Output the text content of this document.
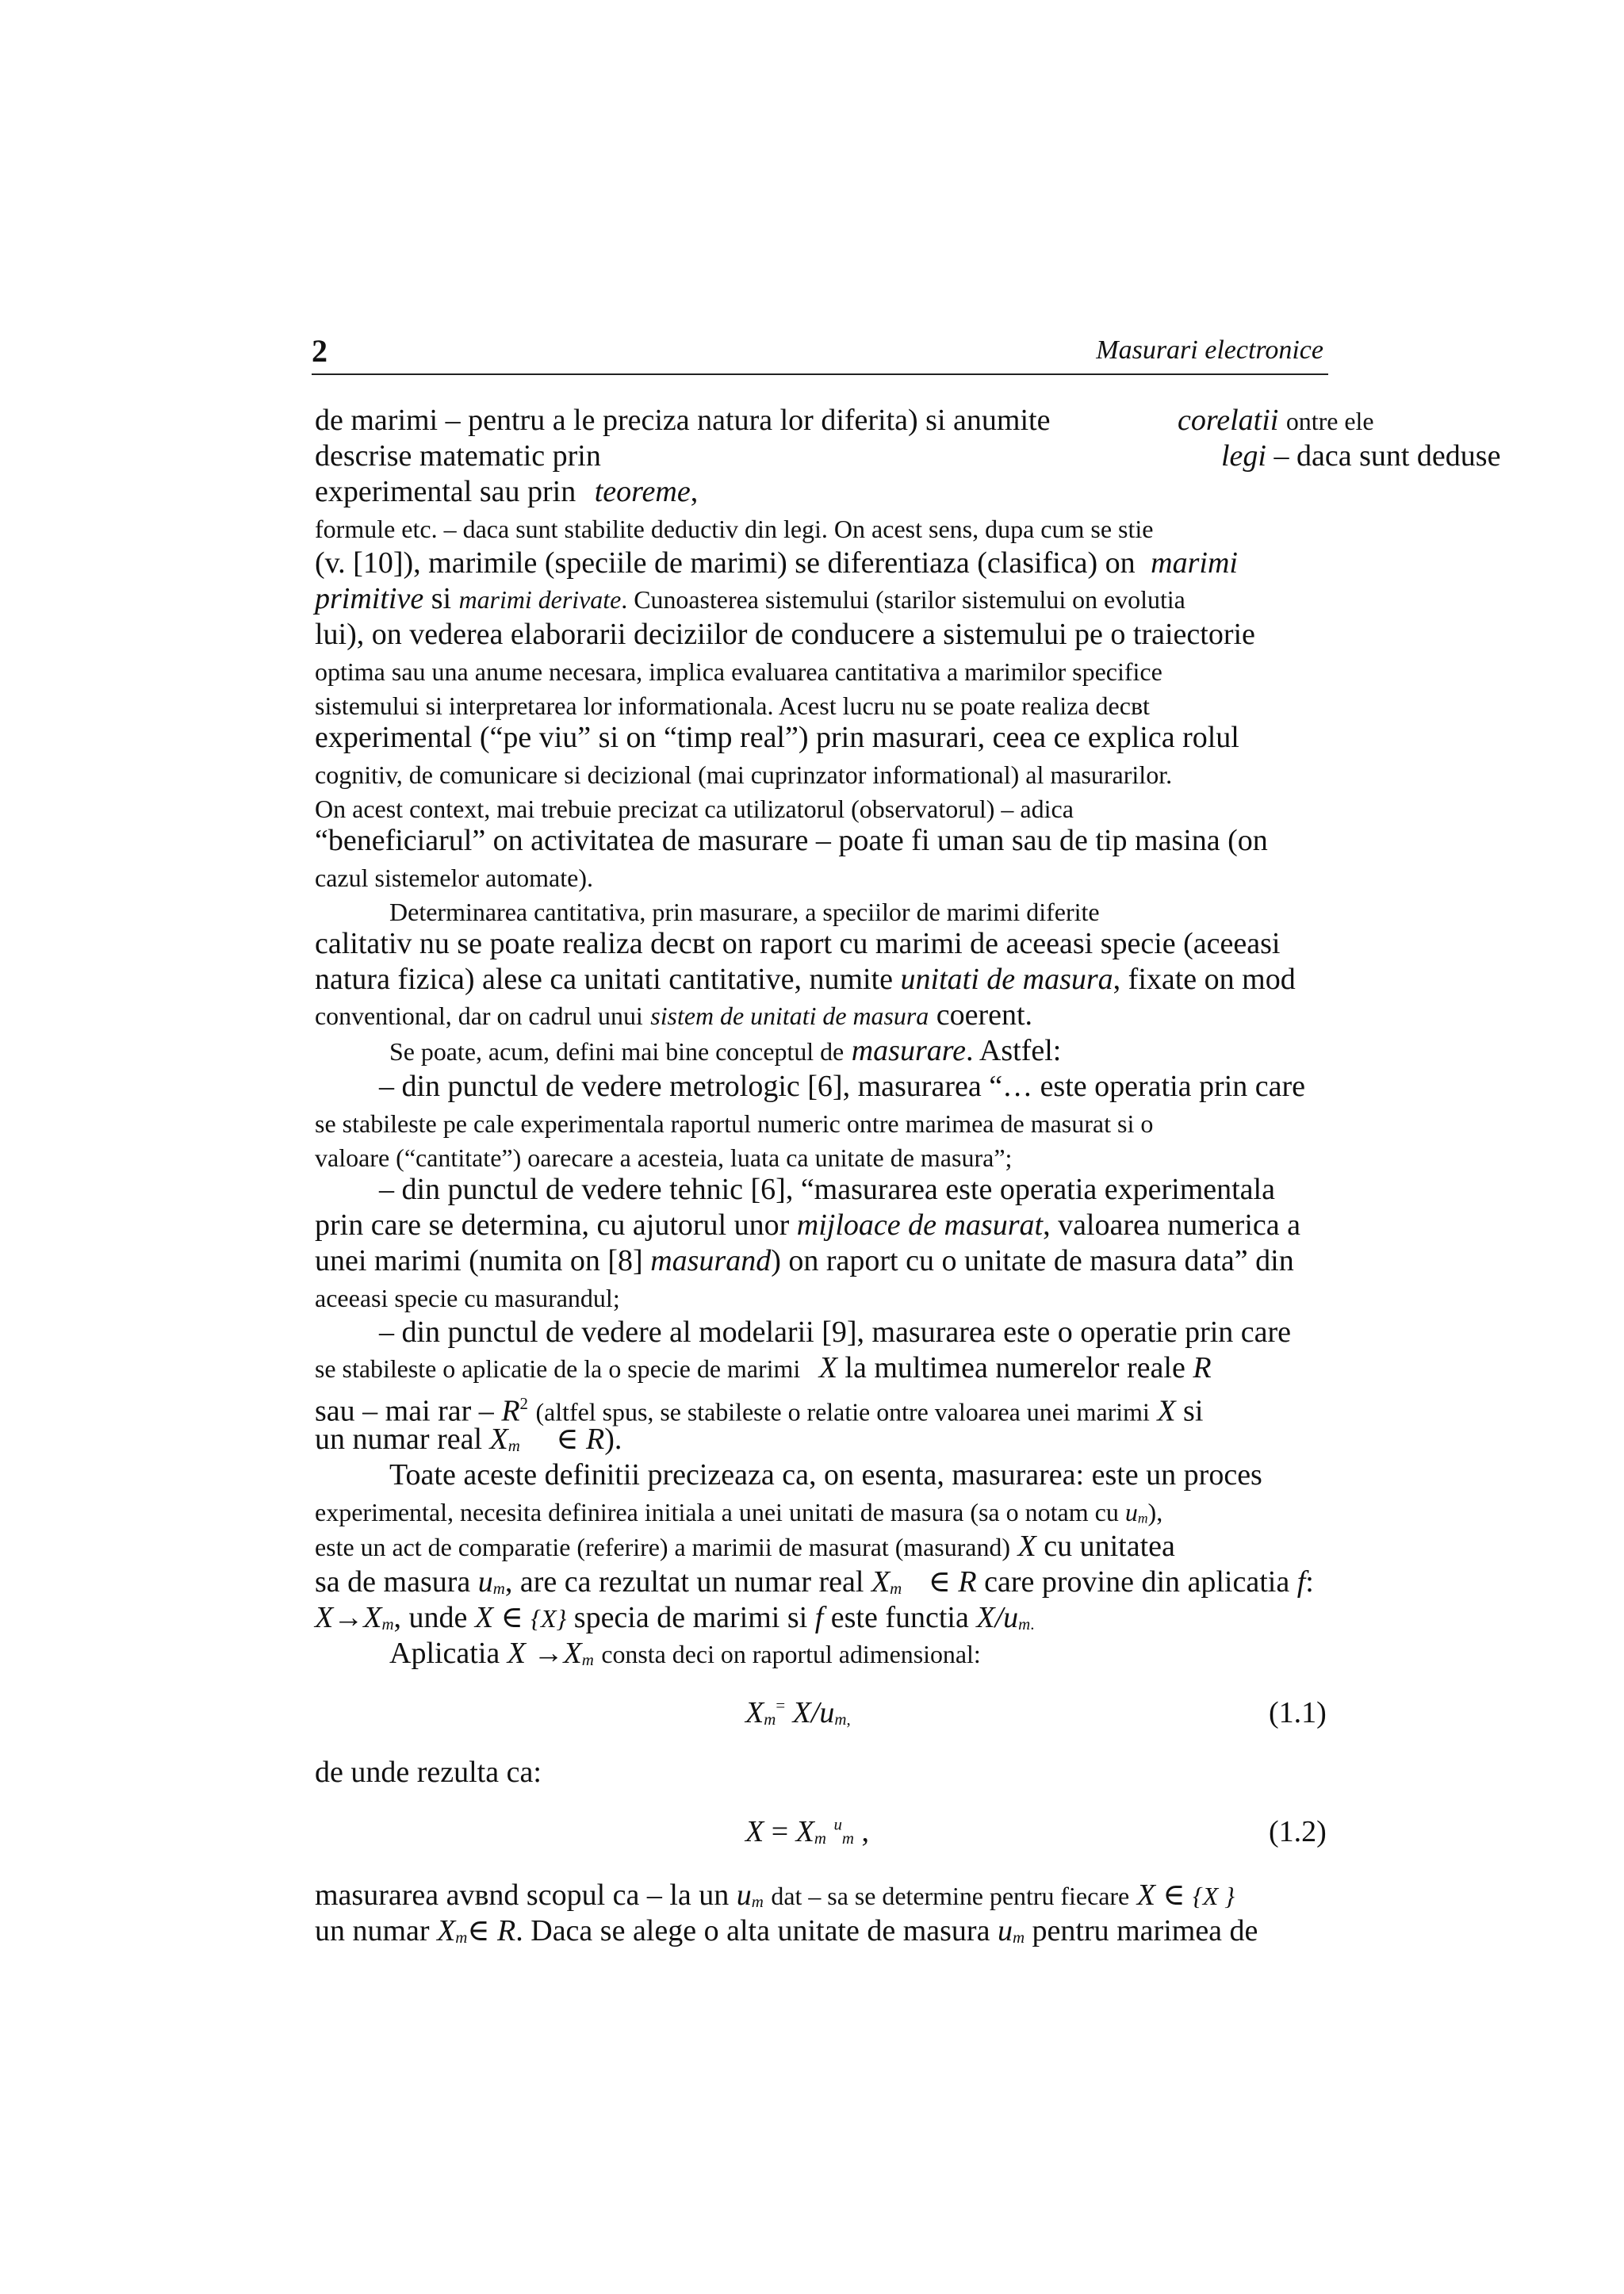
2	Masurari electronice
de marimi – pentru a le preciza natura lor diferita) si anumite	corelatii ontre ele
descrise matematic prin	legi – daca sunt deduse
experimental sau prin teoreme,
formule etc. – daca sunt stabilite deductiv din legi. On acest sens, dupa cum se stie
(v. [10]), marimile (speciile de marimi) se diferentiaza (clasifica) on marimi
primitive si marimi derivate. Cunoasterea sistemului (starilor sistemului on evolutia
lui), on vederea elaborarii deciziilor de conducere a sistemului pe o traiectorie
optima sau una anume necesara, implica evaluarea cantitativa a marimilor specifice
sistemului si interpretarea lor informationala. Acest lucru nu se poate realiza decвt
experimental (“pe viu” si on “timp real”) prin masurari, ceea ce explica rolul
cognitiv, de comunicare si decizional (mai cuprinzator informational) al masurarilor.
On acest context, mai trebuie precizat ca utilizatorul (observatorul) – adica
“beneficiarul” on activitatea de masurare – poate fi uman sau de tip masina (on
cazul sistemelor automate).
Determinarea cantitativa, prin masurare, a speciilor de marimi diferite
calitativ nu se poate realiza decвt on raport cu marimi de aceeasi specie (aceeasi
natura fizica) alese ca unitati cantitative, numite unitati de masura, fixate on mod
conventional, dar on cadrul unui sistem de unitati de masura coerent.
Se poate, acum, defini mai bine conceptul de masurare. Astfel:
– din punctul de vedere metrologic [6], masurarea “… este operatia prin care
se stabileste pe cale experimentala raportul numeric ontre marimea de masurat si o
valoare (“cantitate”) oarecare a acesteia, luata ca unitate de masura”;
– din punctul de vedere tehnic [6], “masurarea este operatia experimentala
prin care se determina, cu ajutorul unor mijloace de masurat, valoarea numerica a
unei marimi (numita on [8] masurand) on raport cu o unitate de masura data” din
aceeasi specie cu masurandul;
– din punctul de vedere al modelarii [9], masurarea este o operatie prin care
se stabileste o aplicatie de la o specie de marimi X la multimea numerelor reale R
sau – mai rar – $R^2$ (altfel spus, se stabileste o relatie ontre valoarea unei marimi X si
un numar real Xm ∈ R).
Toate aceste definitii precizeaza ca, on esenta, masurarea: este un proces
experimental, necesita definirea initiala a unei unitati de masura (sa o notam cu um),
este un act de comparatie (referire) a marimii de masurat (masurand) X cu unitatea
sa de masura um, are ca rezultat un numar real Xm ∈ R care provine din aplicatia f:
X→Xm, unde X ∈ {X} specia de marimi si f este functia X/um.
Aplicatia X →Xm consta deci on raportul adimensional:
Xm= X/um,	(1.1)
de unde rezulta ca:
X = Xm $^u$m ,	(1.2)
masurarea avвnd scopul ca – la un um dat – sa se determine pentru fiecare X ∈ {X }
un numar Xm∈ R. Daca se alege o alta unitate de masura um pentru marimea de
